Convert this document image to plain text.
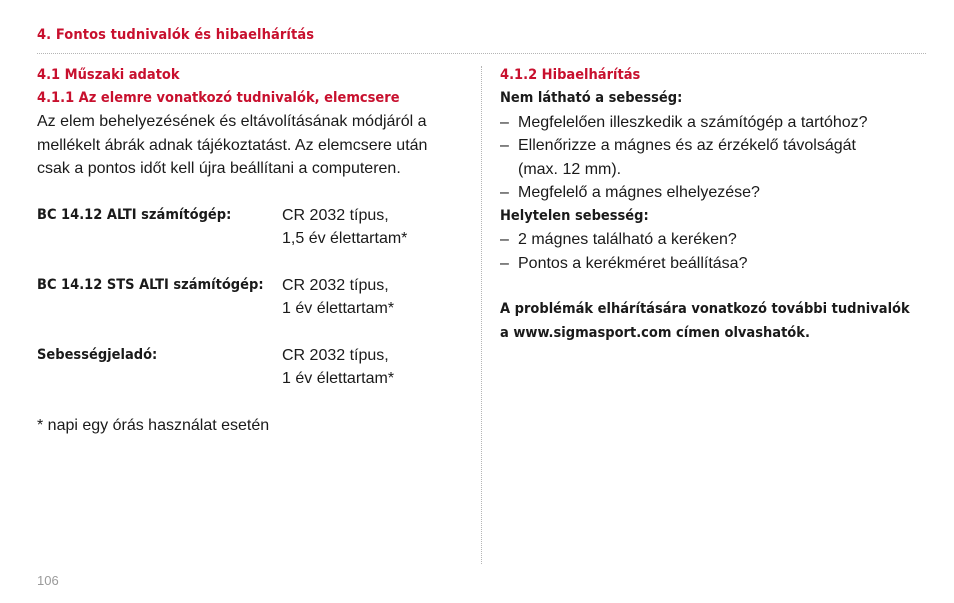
4. Fontos tudnivalók és hibaelhárítás
4.1 Műszaki adatok
4.1.1 Az elemre vonatkozó tudnivalók, elemcsere
Az elem behelyezésének és eltávolításának módjáról a
mellékelt ábrák adnak tájékoztatást. Az elemcsere után
csak a pontos időt kell újra beállítani a computeren.
BC 14.12 ALTI számítógép:	CR 2032 típus,
1,5 év élettartam*
BC 14.12 STS ALTI számítógép:	CR 2032 típus,
1 év élettartam*
Sebességjeladó:	CR 2032 típus,
1 év élettartam*
* napi egy órás használat esetén
4.1.2 Hibaelhárítás
Nem látható a sebesség:
– Megfelelően illeszkedik a számítógép a tartóhoz?
– Ellenőrizze a mágnes és az érzékelő távolságát
(max. 12 mm).
– Megfelelő a mágnes elhelyezése?
Helytelen sebesség:
– 2 mágnes található a keréken?
– Pontos a kerékméret beállítása?
A problémák elhárítására vonatkozó további tudnivalók
a www.sigmasport.com címen olvashatók.
106
